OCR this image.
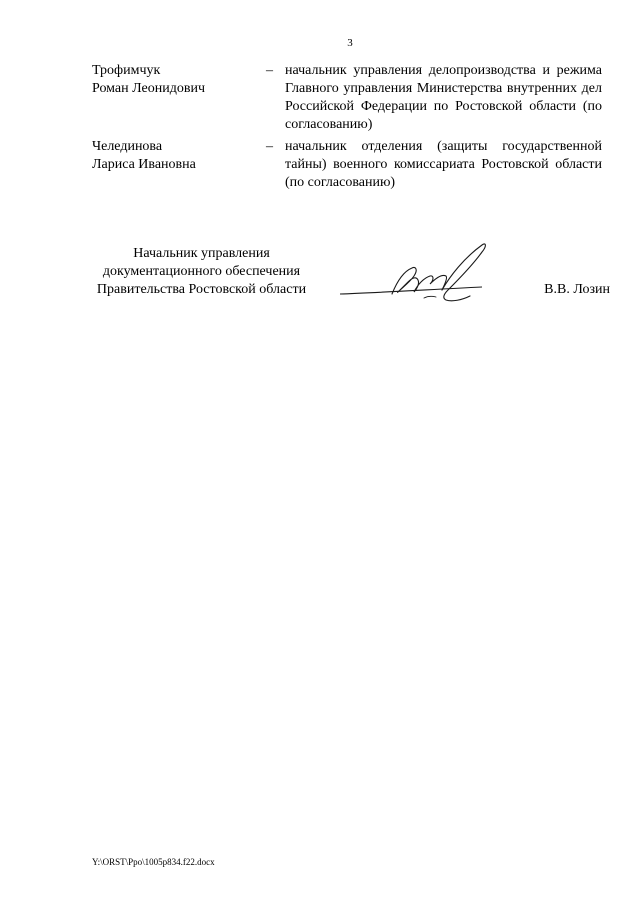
3
Трофимчук
Роман Леонидович
– начальник управления делопроизводства и режима Главного управления Министерства внутренних дел Российской Федерации по Ростовской области (по согласованию)
Челединова
Лариса Ивановна
– начальник отделения (защиты государственной тайны) военного комиссариата Ростовской области (по согласованию)
Начальник управления
документационного обеспечения
Правительства Ростовской области	В.В. Лозин
Y:\ORST\Ppo\1005p834.f22.docx
